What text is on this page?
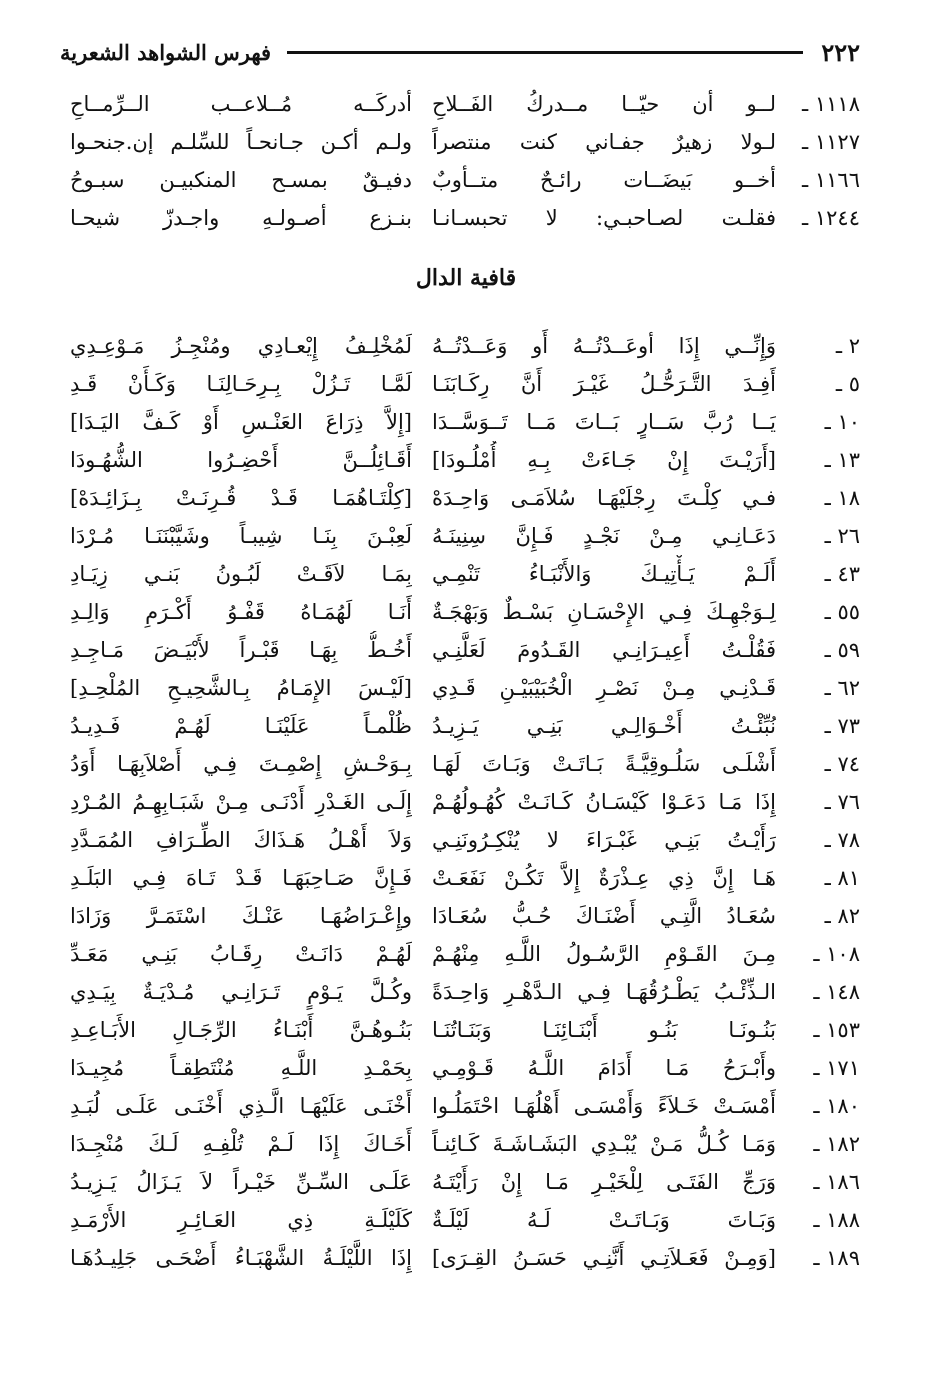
٢٢٢
فهرس الشواهد الشعرية
١١١٨ ـ
لــو أن حيّــا مــدركُ الفَــلاحِ
أدركَــه مُــلاعــب الــرِّمــاحِ
١١٢٧ ـ
لـولا زهيرٌ جفـاني كنت منتصراً
ولـم أكـن جـانحـاً للسِّلـم إن.جنحـوا
١١٦٦ ـ
أخــو بَيضَــات رائـحٌ متــأوبٌ
دفيـقٌ بمسـح المنكبيـن سبـوحُ
١٢٤٤ ـ
فقلـت لصـاحبـي: لا تحبسـانـا
بنـزع أصـولـهِ واجـدزّ شيحـا
قافية الدال
٢ ـ
وَإِنِّــي إِذَا أوعَــدْتُــهُ أَو وَعَــدْتُــهُ
لَمُخْلِـفُ إِيْعـادِي ومُنْجِـزُ مَـوْعِـدِي
٥ ـ
أَفِـدَ التَّـرَحُّـلُ غَيْـرَ أَنَّ رِكَـابَنَـا
لَمَّـا تَـزُلْ بِـرِحَـالِنَـا وَكَـأَنْ قَـدِ
١٠ ـ
يَــا رُبَّ سَــارٍ بَــاتَ مَــا تَــوَسَّــدَا
[إِلاَّ ذِرَاعَ العَنْـسِ أَوْ كَـفَّ اليَـدَا]
١٣ ـ
[أَرَيْـتَ إِنْ جَـاءَتْ بِـهِ أُمْلُـودَا]
أَقَـائِلُــنَّ أَحْضِـرُوا الشُّهُـودَا
١٨ ـ
فـي كِلْـتَ رِجْلَيْهَـا سُلاَمَـى وَاحِـدَهْ
[كِلْتَـاهُمَـا قَـدْ قُـرِنَـتْ بِـزَائِـدَهْ]
٢٦ ـ
دَعَـانِـي مِـنْ نَجْـدٍ فَـإِنَّ سِنِينَـهُ
لَعِبْـنَ بِنَـا شِيبـاً وشَيَّبْنَنَـا مُـرْدَا
٤٣ ـ
أَلَـمْ يَـأْتِيـكَ وَالأَنْبَـاءُ تَنْمِـي
بِمَـا لاَقَـتْ لَبُـونُ بَنـي زِيَـادِ
٥٥ ـ
لِـوَجْهِـكَ فِـي الإِحْسَـانِ بَسْـطٌ وَبَهْجَـةٌ
أَنَـا لَهُمَـاهُ قَفْـوُ أَكْـرَمِ وَالِـدِ
٥٩ ـ
فَقُلْـتُ أَعِيـرَانِـي القَـدُومَ لَعَلَّنِـي
أَخُـطُّ بِهَـا قَبْـراً لأَبْيَـضَ مَـاجِـدِ
٦٢ ـ
قَـدْنِـي مِـنْ نَصْـرِ الْخُبَيْبَيْـنِ قَـدِي
[لَيْـسَ الإِمَـامُ بِـالشَّحِيـحِ المُلْحِـدِ]
٧٣ ـ
نُبِّئْـتُ أَخْـوَالِـي بَنِـي يَـزِيـدُ
ظُلْمـاً عَلَيْنَـا لَهُـمْ فَـدِيـدُ
٧٤ ـ
أَشْلَـى سَلُـوقِيَّـةً بَـاتَـتْ وَبَـاتَ لَهَـا
بِـوَحْـشِ إِصْمِـتَ فِـي أَصْلاَبِهَـا أَوَدُ
٧٦ ـ
إِذَا مَـا دَعَـوْا كَيْسَـانُ كَـانَـتْ كُهُـولُهُـمْ
إِلَـى الغَـدْرِ أَدْنَـى مِـنْ شَبَـابِهِـمُ المُـرْدِ
٧٨ ـ
رَأَيْـتُ بَنِـي غَبْـرَاءَ لا يُنْكِـرُونَنِـي
وَلاَ أَهْـلُ هَـذَاكَ الطِّـرَافِ المُمَـدَّدِ
٨١ ـ
هَـا إِنَّ ذِي عِـذْرَةٌ إِلاَّ تَكُـنْ نَفَعَـتْ
فَـإِنَّ صَـاحِبَهَـا قَـدْ تَـاهَ فِـي البَلَـدِ
٨٢ ـ
سُعَـادُ الَّتِـي أَضْنَـاكَ حُـبُّ سُعَـادَا
وإِعْـرَاضُهَـا عَنْـكَ اسْتَمَـرَّ وَزَادَا
١٠٨ ـ
مِـنَ القَـوْمِ الرَّسُـولُ اللَّـهِ مِنْهُـمْ
لَهُـمْ دَانَـتْ رِقَـابُ بَنِـي مَعَـدِّ
١٤٨ ـ
الـذِّئْـبُ يَطْـرُقُهَـا فِـي الـدَّهْـرِ وَاحِـدَةً
وكُـلَّ يَـوْمٍ تَـرَانِـي مُـدْيَـةٌ بِيَـدِي
١٥٣ ـ
بَنُـونَـا بَنُـو أَبْنَـائِنَـا وَبَنَـاتُنَـا
بَنُـوهُـنَّ أَبْنَـاءُ الرِّجَـالِ الأَبَـاعِـدِ
١٧١ ـ
وأَبْـرَحُ مَـا أَدَامَ اللَّـهُ قَـوْمِـي
بِحَمْـدِ اللَّـهِ مُنْتَطِقـاً مُجِيـدَا
١٨٠ ـ
أَمْسَـتْ خَـلاَءً وَأَمْسَـى أَهْلُهَـا احْتَمَلُـوا
أَخْنَـى عَلَيْهَـا الَّـذِي أَخْنَـى عَلَـى لُبَـدِ
١٨٢ ـ
وَمَـا كُـلُّ مَـنْ يُبْـدِي البَشَـاشَـةَ كَـائِنـاً
أَخَـاكَ إِذَا لَـمْ تُلْفِـهِ لَـكَ مُنْجِـدَا
١٨٦ ـ
وَرَجِّ الفَتَـى لِلْخَيْـرِ مَـا إِنْ رَأَيْتَـهُ
عَلَـى السِّـنِّ خَيْـراً لاَ يَـزَالُ يَـزِيـدُ
١٨٨ ـ
وَبَـاتَ وَبَـاتَـتْ لَـهُ لَيْلَـةٌ
كَلَيْلَـةِ ذِي العَـائِـرِ الأَرْمَـدِ
١٨٩ ـ
[وَمِـنْ فَعَـلاَتِـي أَنَّنِـي حَسَـنُ القِـرَى]
إِذَا اللَّيْلَـةُ الشَّهْبَـاءُ أَضْحَـى جَلِيـدُهَـا
